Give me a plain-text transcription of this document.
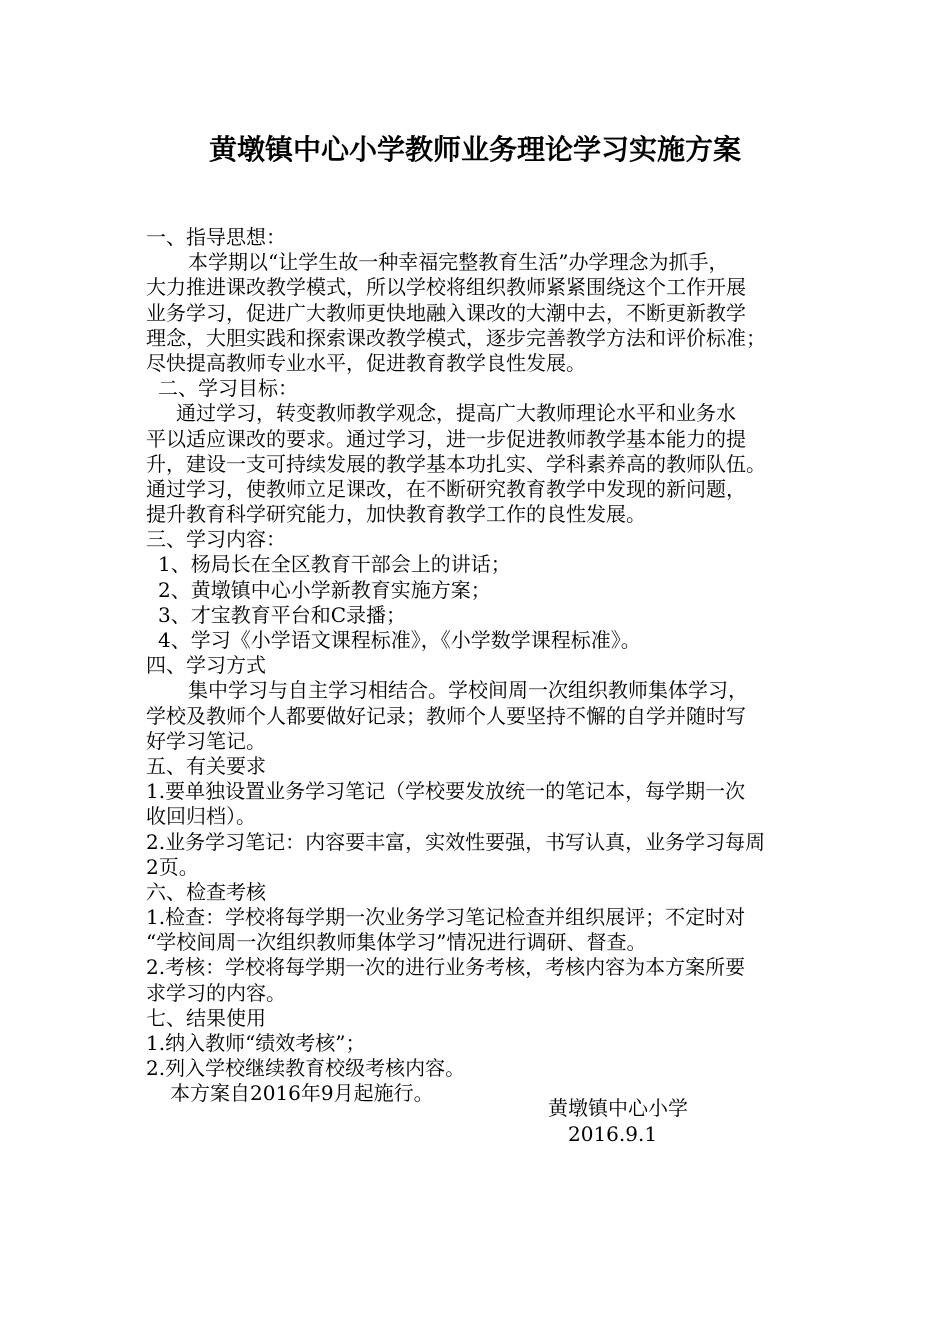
黄墩镇中心小学教师业务理论学习实施方案
一、指导思想：
本学期以“让学生故一种幸福完整教育生活”办学理念为抓手，
大力推进课改教学模式，所以学校将组织教师紧紧围绕这个工作开展
业务学习，促进广大教师更快地融入课改的大潮中去，不断更新教学
理念，大胆实践和探索课改教学模式，逐步完善教学方法和评价标准；
尽快提高教师专业水平，促进教育教学良性发展。
二、学习目标：
通过学习，转变教师教学观念，提高广大教师理论水平和业务水
平以适应课改的要求。通过学习，进一步促进教师教学基本能力的提
升，建设一支可持续发展的教学基本功扎实、学科素养高的教师队伍。
通过学习，使教师立足课改，在不断研究教育教学中发现的新问题，
提升教育科学研究能力，加快教育教学工作的良性发展。
三、学习内容：
1、杨局长在全区教育干部会上的讲话；
2、黄墩镇中心小学新教育实施方案；
3、才宝教育平台和C录播；
4、学习《小学语文课程标准》，《小学数学课程标准》。
四、学习方式
集中学习与自主学习相结合。学校间周一次组织教师集体学习，
学校及教师个人都要做好记录；教师个人要坚持不懈的自学并随时写
好学习笔记。
五、有关要求
1.要单独设置业务学习笔记（学校要发放统一的笔记本，每学期一次
收回归档）。
2.业务学习笔记：内容要丰富，实效性要强，书写认真，业务学习每周
2页。
六、检查考核
1.检查：学校将每学期一次业务学习笔记检查并组织展评；不定时对
“学校间周一次组织教师集体学习”情况进行调研、督查。
2.考核：学校将每学期一次的进行业务考核，考核内容为本方案所要
求学习的内容。
七、结果使用
1.纳入教师“绩效考核”；
2.列入学校继续教育校级考核内容。
本方案自2016年9月起施行。
黄墩镇中心小学
2016.9.1
